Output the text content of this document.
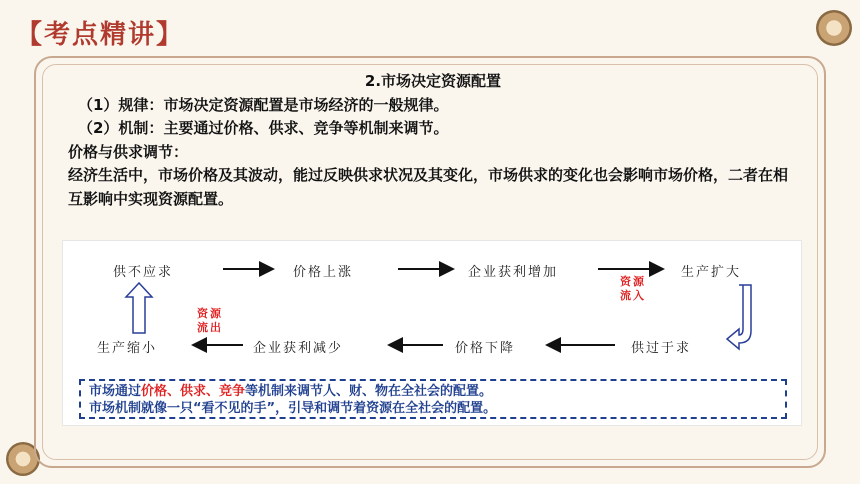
【考点精讲】

2.市场决定资源配置

（1）规律：市场决定资源配置是市场经济的一般规律。

（2）机制：主要通过价格、供求、竞争等机制来调节。

价格与供求调节：

经济生活中，市场价格及其波动，能过反映供求状况及其变化，市场供求的变化也会影响市场价格，二者在相互影响中实现资源配置。

供不应求	价格上涨	企业获利增加	生产扩大
生产缩小	企业获利减少	价格下降	供过于求
资源流入
资源流出

市场通过价格、供求、竞争等机制来调节人、财、物在全社会的配置。

市场机制就像一只“看不见的手”，引导和调节着资源在全社会的配置。
